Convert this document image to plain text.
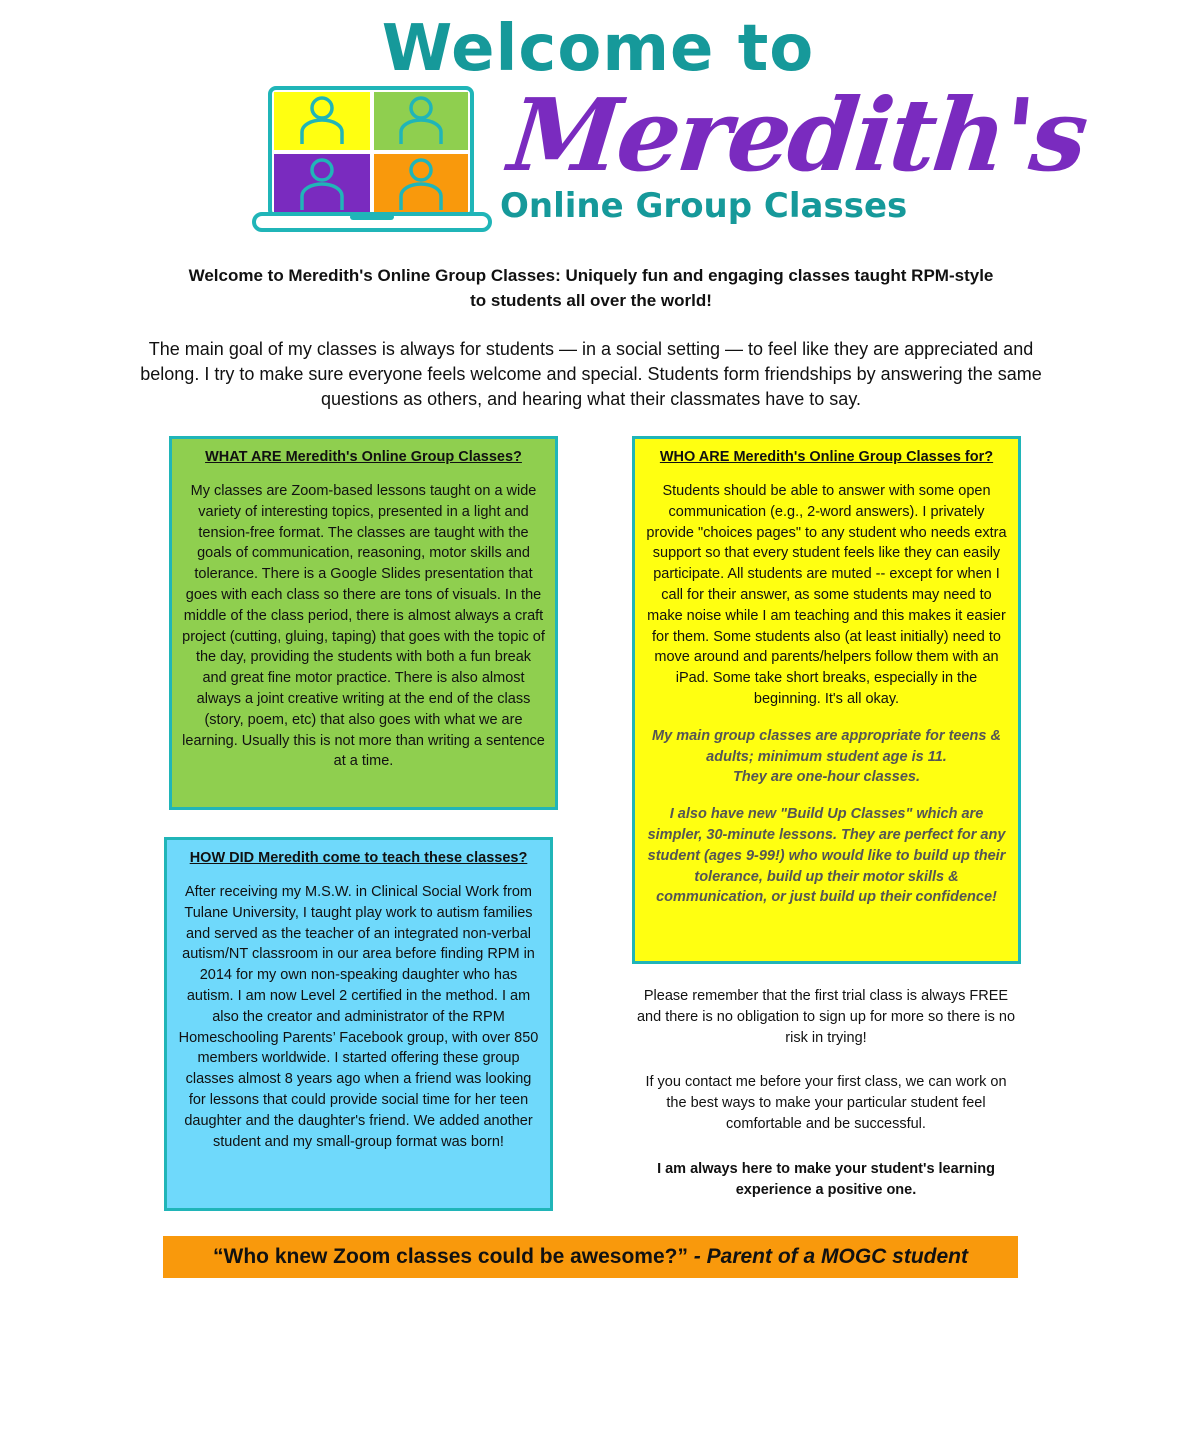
Welcome to
Meredith's
Online Group Classes
Welcome to Meredith's Online Group Classes: Uniquely fun and engaging classes taught RPM-style to students all over the world!
The main goal of my classes is always for students — in a social setting — to feel like they are appreciated and belong. I try to make sure everyone feels welcome and special. Students form friendships by answering the same questions as others, and hearing what their classmates have to say.
WHAT ARE Meredith's Online Group Classes?

My classes are Zoom-based lessons taught on a wide variety of interesting topics, presented in a light and tension-free format. The classes are taught with the goals of communication, reasoning, motor skills and tolerance. There is a Google Slides presentation that goes with each class so there are tons of visuals. In the middle of the class period, there is almost always a craft project (cutting, gluing, taping) that goes with the topic of the day, providing the students with both a fun break and great fine motor practice. There is also almost always a joint creative writing at the end of the class (story, poem, etc) that also goes with what we are learning. Usually this is not more than writing a sentence at a time.

WHO ARE Meredith's Online Group Classes for?

Students should be able to answer with some open communication (e.g., 2-word answers). I privately provide "choices pages" to any student who needs extra support so that every student feels like they can easily participate. All students are muted -- except for when I call for their answer, as some students may need to make noise while I am teaching and this makes it easier for them. Some students also (at least initially) need to move around and parents/helpers follow them with an iPad. Some take short breaks, especially in the beginning. It's all okay.

My main group classes are appropriate for teens & adults; minimum student age is 11.
They are one-hour classes.

I also have new "Build Up Classes" which are simpler, 30-minute lessons. They are perfect for any student (ages 9-99!) who would like to build up their tolerance, build up their motor skills & communication, or just build up their confidence!

HOW DID Meredith come to teach these classes?

After receiving my M.S.W. in Clinical Social Work from Tulane University, I taught play work to autism families and served as the teacher of an integrated non-verbal autism/NT classroom in our area before finding RPM in 2014 for my own non-speaking daughter who has autism. I am now Level 2 certified in the method. I am also the creator and administrator of the RPM Homeschooling Parents’ Facebook group, with over 850 members worldwide. I started offering these group classes almost 8 years ago when a friend was looking for lessons that could provide social time for her teen daughter and the daughter's friend. We added another student and my small-group format was born!

Please remember that the first trial class is always FREE and there is no obligation to sign up for more so there is no risk in trying!

If you contact me before your first class, we can work on the best ways to make your particular student feel comfortable and be successful.

I am always here to make your student's learning experience a positive one.

“Who knew Zoom classes could be awesome?” - Parent of a MOGC student
